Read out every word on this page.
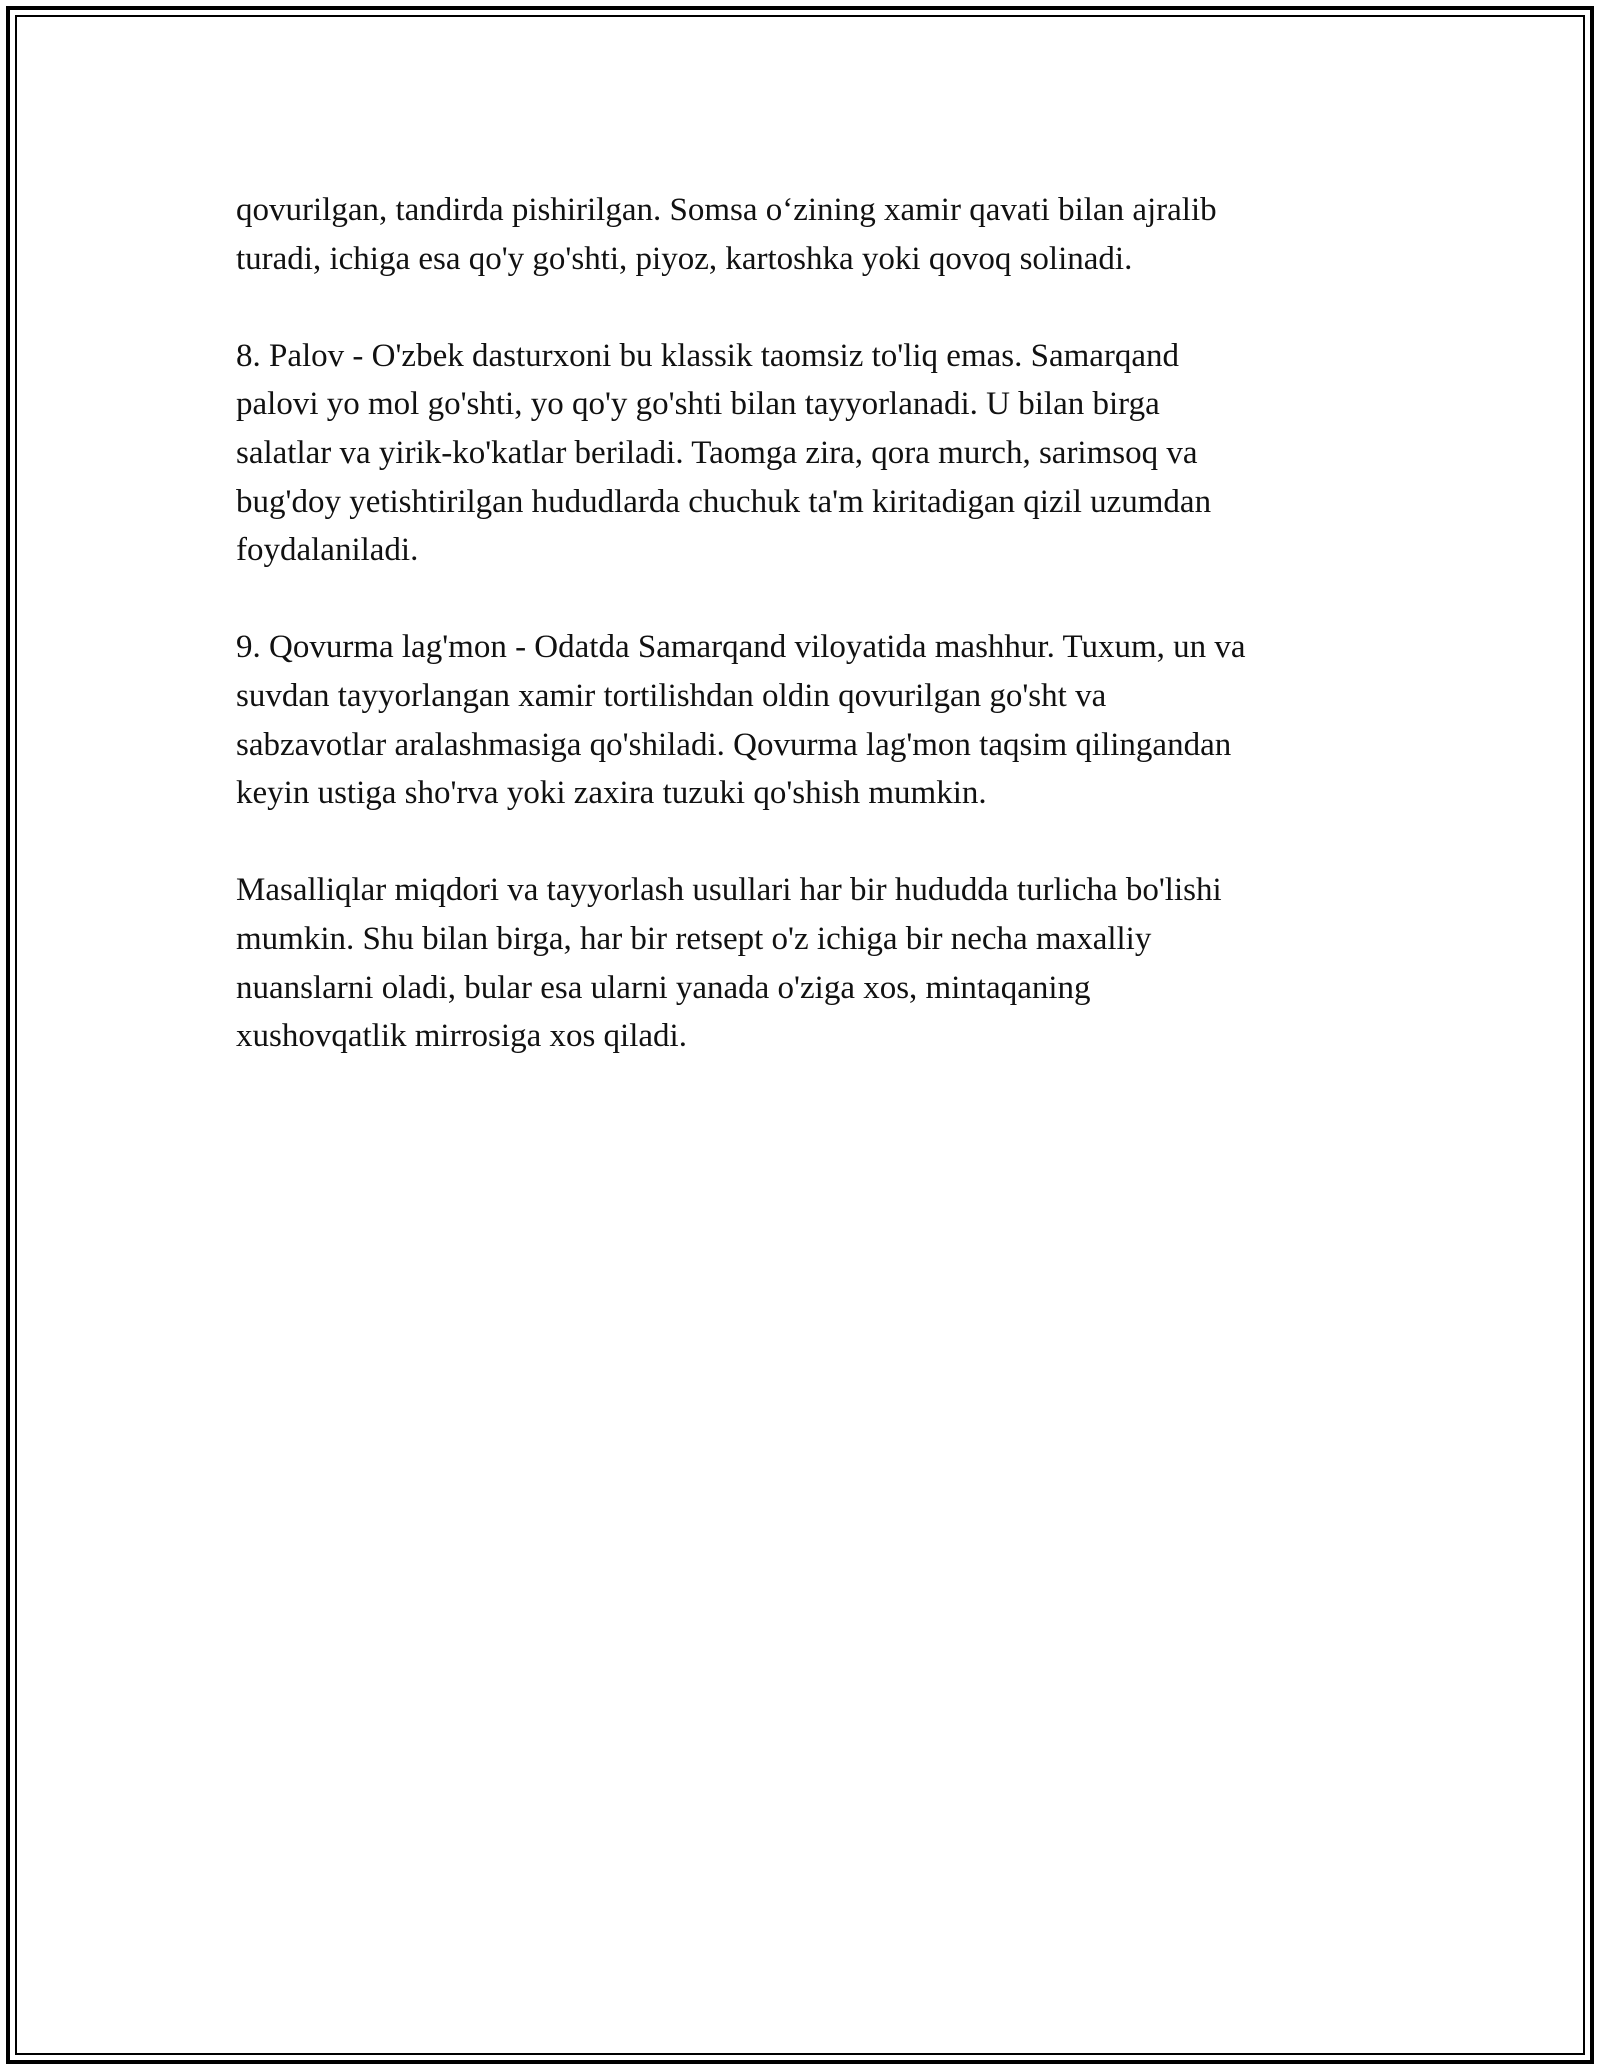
qovurilgan, tandirda pishirilgan. Somsa o‘zining xamir qavati bilan ajralib
turadi, ichiga esa qo'y go'shti, piyoz, kartoshka yoki qovoq solinadi.

8. Palov - O'zbek dasturxoni bu klassik taomsiz to'liq emas. Samarqand
palovi yo mol go'shti, yo qo'y go'shti bilan tayyorlanadi. U bilan birga
salatlar va yirik-ko'katlar beriladi. Taomga zira, qora murch, sarimsoq va
bug'doy yetishtirilgan hududlarda chuchuk ta'm kiritadigan qizil uzumdan
foydalaniladi.

9. Qovurma lag'mon - Odatda Samarqand viloyatida mashhur. Tuxum, un va
suvdan tayyorlangan xamir tortilishdan oldin qovurilgan go'sht va
sabzavotlar aralashmasiga qo'shiladi. Qovurma lag'mon taqsim qilingandan
keyin ustiga sho'rva yoki zaxira tuzuki qo'shish mumkin.

Masalliqlar miqdori va tayyorlash usullari har bir hududda turlicha bo'lishi
mumkin. Shu bilan birga, har bir retsept o'z ichiga bir necha maxalliy
nuanslarni oladi, bular esa ularni yanada o'ziga xos, mintaqaning
xushovqatlik mirrosiga xos qiladi.
